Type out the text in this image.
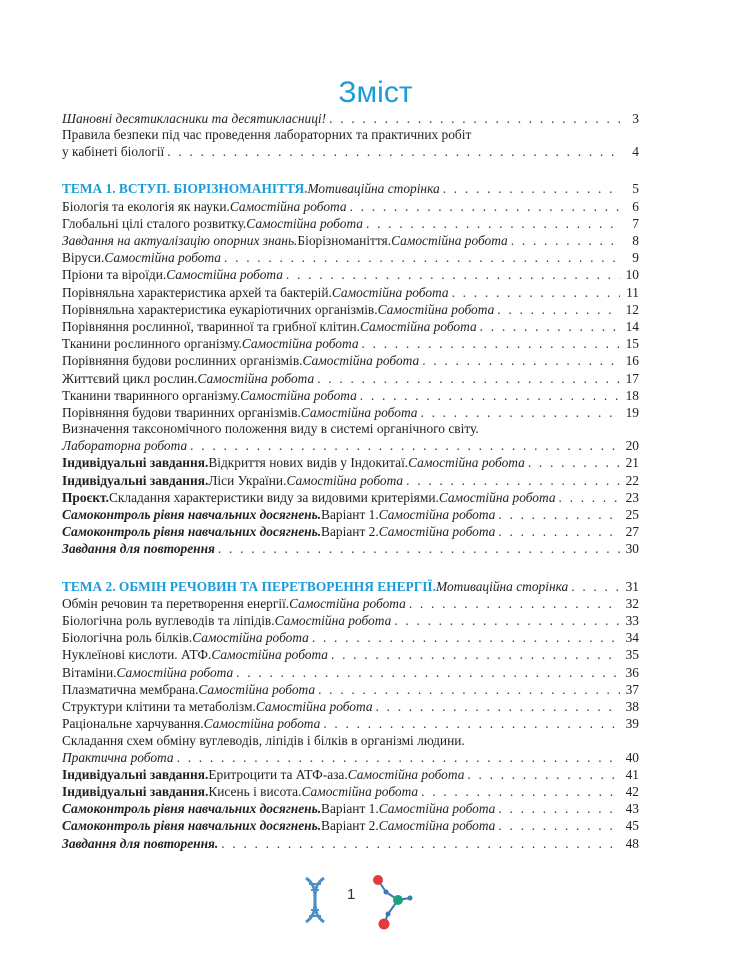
Зміст
Шановні десятикласники та десятикласниці! . . .	3
Правила безпеки під час проведення лабораторних та практичних робіт
у кабінеті біології . . .	4
ТЕМА 1. ВСТУП. БІОРІЗНОМАНІТТЯ. Мотиваційна сторінка . . .	5
Біологія та екологія як науки. Самостійна робота . . .	6
Глобальні цілі сталого розвитку. Самостійна робота . . .	7
Завдання на актуалізацію опорних знань. Біорізноманіття. Самостійна робота . . .	8
Віруси. Самостійна робота . . .	9
Пріони та віроїди. Самостійна робота . . .	10
Порівняльна характеристика архей та бактерій. Самостійна робота . . .	11
Порівняльна характеристика еукаріотичних організмів. Самостійна робота . . .	12
Порівняння рослинної, тваринної та грибної клітин. Самостійна робота . . .	14
Тканини рослинного організму. Самостійна робота . . .	15
Порівняння будови рослинних організмів. Самостійна робота . . .	16
Життєвий цикл рослин. Самостійна робота . . .	17
Тканини тваринного організму. Самостійна робота . . .	18
Порівняння будови тваринних організмів. Самостійна робота . . .	19
Визначення таксономічного положення виду в системі органічного світу.
Лабораторна робота . . .	20
Індивідуальні завдання. Відкриття нових видів у Індокитаї. Самостійна робота . . .	21
Індивідуальні завдання. Ліси України. Самостійна робота . . .	22
Проєкт. Складання характеристики виду за видовими критеріями. Самостійна робота . . .	23
Самоконтроль рівня навчальних досягнень. Варіант 1. Самостійна робота . . .	25
Самоконтроль рівня навчальних досягнень. Варіант 2. Самостійна робота . . .	27
Завдання для повторення . . .	30
ТЕМА 2. ОБМІН РЕЧОВИН ТА ПЕРЕТВОРЕННЯ ЕНЕРГІЇ. Мотиваційна сторінка . . .	31
Обмін речовин та перетворення енергії. Самостійна робота . . .	32
Біологічна роль вуглеводів та ліпідів. Самостійна робота . . .	33
Біологічна роль білків. Самостійна робота . . .	34
Нуклеїнові кислоти. АТФ. Самостійна робота . . .	35
Вітаміни. Самостійна робота . . .	36
Плазматична мембрана. Самостійна робота . . .	37
Структури клітини та метаболізм. Самостійна робота . . .	38
Раціональне харчування. Самостійна робота . . .	39
Складання схем обміну вуглеводів, ліпідів і білків в організмі людини.
Практична робота . . .	40
Індивідуальні завдання. Еритроцити та АТФ-аза. Самостійна робота . . .	41
Індивідуальні завдання. Кисень і висота. Самостійна робота . . .	42
Самоконтроль рівня навчальних досягнень. Варіант 1. Самостійна робота . . .	43
Самоконтроль рівня навчальних досягнень. Варіант 2. Самостійна робота . . .	45
Завдання для повторення. . . .	48
1
